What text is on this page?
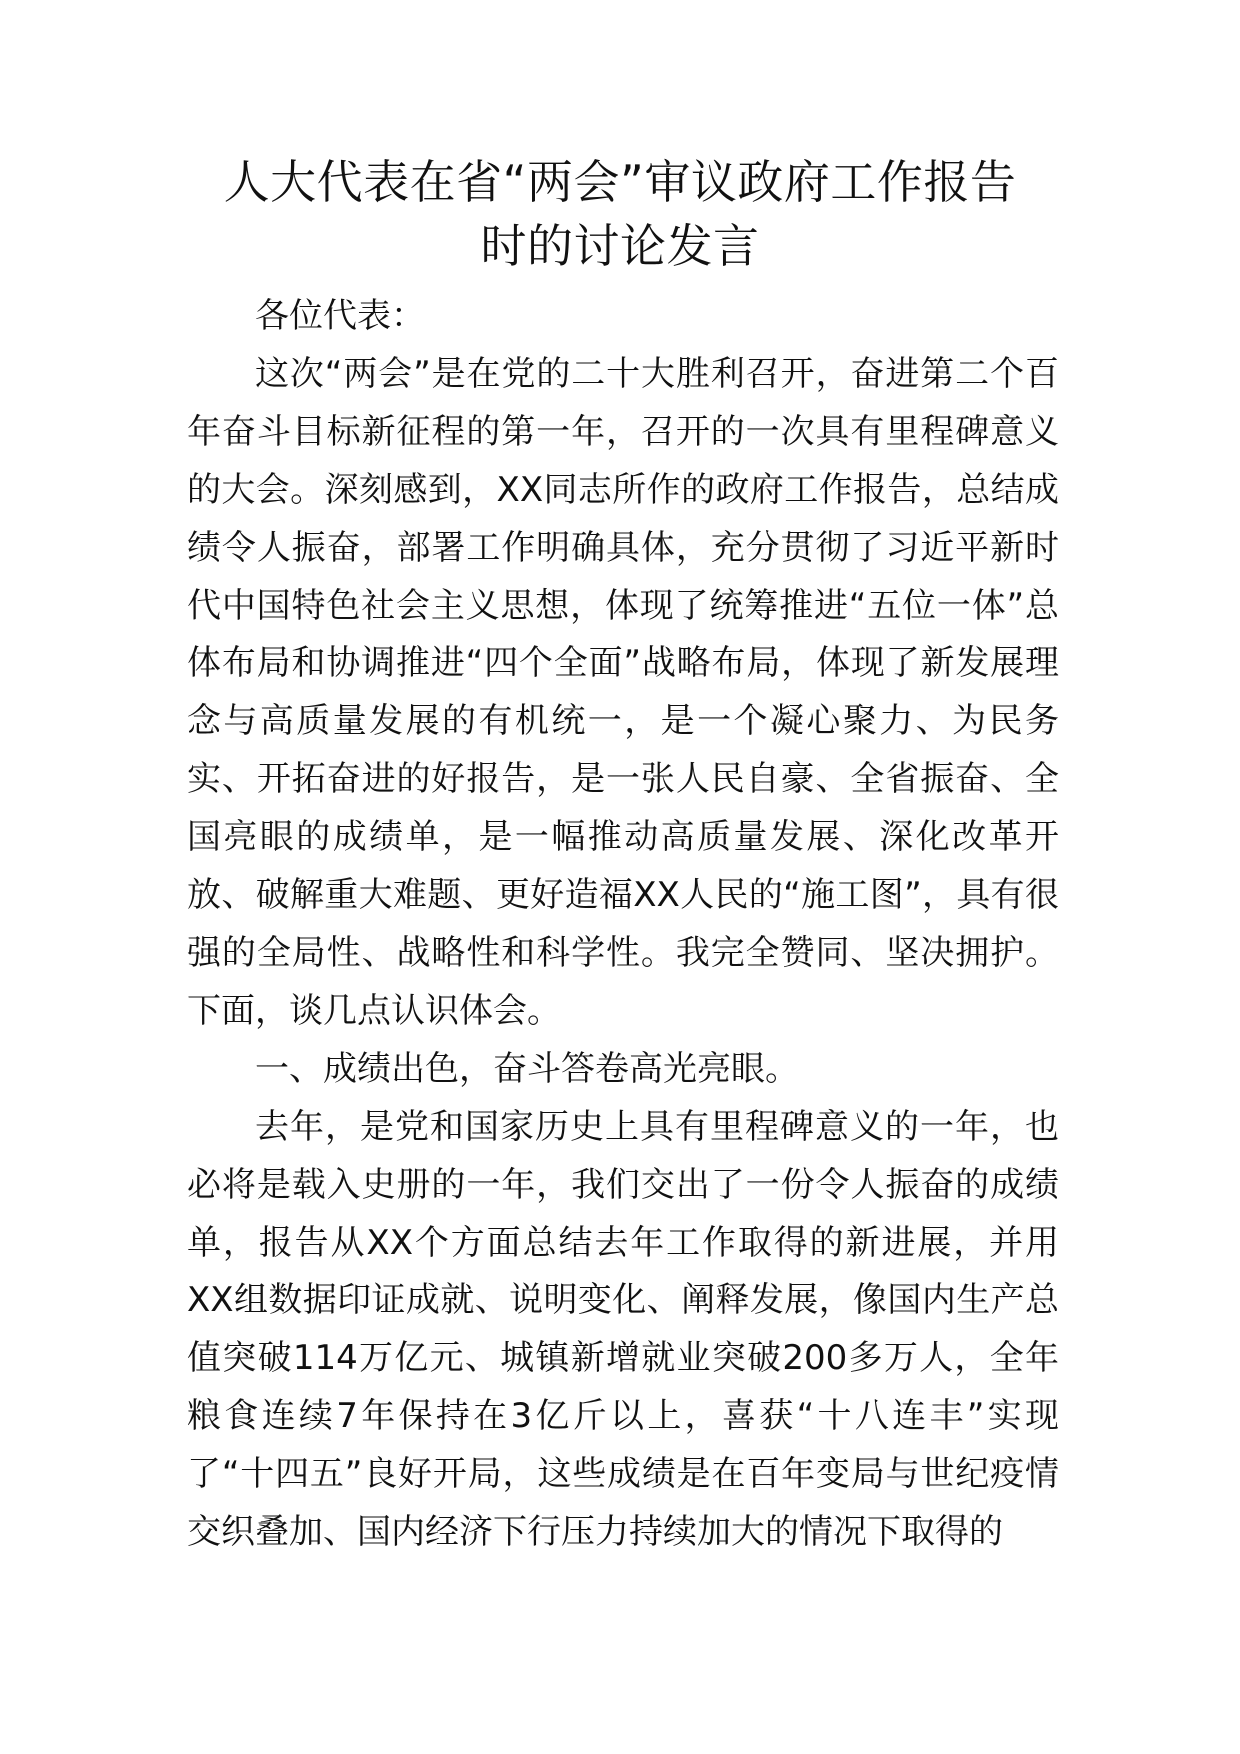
人大代表在省“两会”审议政府工作报告
时的讨论发言

各位代表：

这次“两会”是在党的二十大胜利召开，奋进第二个百年奋斗目标新征程的第一年，召开的一次具有里程碑意义的大会。深刻感到，XX同志所作的政府工作报告，总结成绩令人振奋，部署工作明确具体，充分贯彻了习近平新时代中国特色社会主义思想，体现了统筹推进“五位一体”总体布局和协调推进“四个全面”战略布局，体现了新发展理念与高质量发展的有机统一，是一个凝心聚力、为民务实、开拓奋进的好报告，是一张人民自豪、全省振奋、全国亮眼的成绩单，是一幅推动高质量发展、深化改革开放、破解重大难题、更好造福XX人民的“施工图”，具有很强的全局性、战略性和科学性。我完全赞同、坚决拥护。下面，谈几点认识体会。

一、成绩出色，奋斗答卷高光亮眼。

去年，是党和国家历史上具有里程碑意义的一年，也必将是载入史册的一年，我们交出了一份令人振奋的成绩单，报告从XX个方面总结去年工作取得的新进展，并用XX组数据印证成就、说明变化、阐释发展，像国内生产总值突破114万亿元、城镇新增就业突破200多万人，全年粮食连续7年保持在3亿斤以上，喜获“十八连丰”实现了“十四五”良好开局，这些成绩是在百年变局与世纪疫情交织叠加、国内经济下行压力持续加大的情况下取得的
